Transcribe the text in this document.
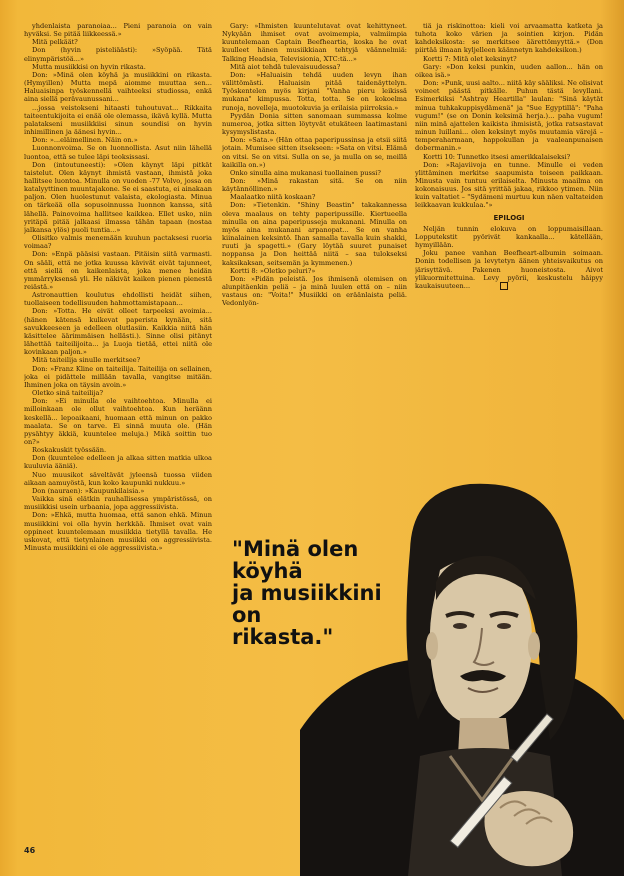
yhdenlaista paranoiaa... Pieni paranoia on vain hyväksi. Se pitää liikkeessä.»

Mitä pelkäät?

Don (hyvin pisteliäästi): »Syöpää. Tätä elinympäristöä...»

Mutta musiikkisi on hyvin rikasta.

Don: »Minä olen köyhä ja musiikkini on rikasta. (Hymyillen) Mutta mepä aiomme muuttaa sen... Haluaisinpa työskennellä vaihteeksi studiossa, enkä aina siellä perävaunussani...

...jossa veistokseni hitaasti tuhoutuvat... Rikkaita taiteentukijoita ei enää ole olemassa, ikävä kyllä. Mutta palatakseni musiikkiisi sinun soundisi on hyvin inhimillinen ja äänesi hyvin...

Don: »...eläimellinen. Näin on.»

Luonnonvoima. Se on luonnollista. Asut niin lähellä luontoa, että se tulee läpi teoksissasi.

Don (intoutuneesti): »Olen käynyt läpi pitkät taistelut. Olen käynyt ihmistä vastaan, ihmistä joka hallitsee luontoa. Minulla on vuoden -77 Volvo, jossa on katalyyttinen muuntajakone. Se ei saastuta, ei ainakaan paljon. Olen huolestunut valaista, ekologiasta. Minua on tärkeää olla sopusoinnussa luonnon kanssa, sitä lähellä. Painovoima hallitsee kaikkea. Ellet usko, niin yritäpä pitää jalkaasi ilmassa tähän tapaan (nostaa jalkansa ylös) puoli tuntia...»

Olisitko valmis menemään kuuhun pactaksesi ruoria voimaa?

Don: »Enpä pääsisi vastaan. Pitäisin siitä varmasti. On sääli, että ne jotka kuussa kävivät eivät tajunneet, että siellä on kaikenlaista, joka menee heidän ymmärryksensä yli. He näkivät kaiken pienen pienestä reiästä.»

Astronauttien koulutus ehdollisti heidät siihen, tuollaiseen todellisuuden hahmottamistapaan...

Don: »Totta. He eivät olleet tarpeeksi avoimia... (hänen kätensä kulkevat paperista kynään, sitä savukkeeseen ja edelleen olutlasiin. Kaikkia niitä hän käsittelee äärimmäisen hellästi.). Sinne olisi pitänyt lähettää taiteilijoita... ja Luoja tietää, ettei niitä ole kovinkaan paljon.»

Mitä taiteilija sinulle merkitsee?

Don: »Franz Kline on taiteilija. Taiteilija on sellainen, joka ei pidättele millään tavalla, vangitse mitään. Ihminen joka on täysin avoin.»

Oletko sinä taiteilija?

Don: »Ei minulla ole vaihtoehtoa. Minulla ei milloinkaan ole ollut vaihtoehtoa. Kun heräänn keskellä... lepoaikaani, huomaan että minun on pakko maalata. Se on tarve. Ei sinnä muuta ole. (Hän pysähtyy äkkiä, kuuntelee meluja.) Mikä soittin tuo on?»

Roskakuskit työssään.

Don (kuuntelee edelleen ja alkaa sitten matkia ulkoa kuuluvia ääniä).

Nuo muusikot säveltävät jyleensä tuossa viiden aikaan aamuyöstä, kun koko kaupunki nukkuu.»

Don (nauraen): »Kaupunkilaisia.»

Vaikka sinä elätkin rauhallisessa ympäristössä, on musiikkisi usein urbaania, jopa aggressiivista.

Don: »Ehkä, mutta huomaa, että sanon ehkä. Minun musiikkini voi olla hyvin herkkää. Ihmiset ovat vain oppineet kuuntelemaan musiikkia tietyllä tavalla. He uskovat, että tietynlainen musiikki on aggressiivista. Minusta musiikkini ei ole aggressiivista.»

Gary: »Ihmisten kuuntelutavat ovat kehittyneet. Nykyään ihmiset ovat avoimempia, valmiimpia kuuntelemaan Captain Beefheartia, koska he ovat kuulleet hänen musiikkiaan tehtyjä väännelmiä: Talking Headsia, Televisionia, XTC:tä...»

Mitä aiot tehdä tulevaisuudessa?

Don: »Haluaisin tehdä uuden levyn ihan välittömästi. Haluaisin pitää taidenäyttelyn. Työskentelen myös kirjani "Vanha pieru leikissä mukana" kimpussa. Totta, totta. Se on kokoelma runoja, novelleja, muotokuvia ja erilaisia piirroksia.»

Pyydän Donia sitten sanomaan summassa kolme numeroa, jotka sitten löytyvät etukäteen laatimastani kysymyslistasta.

Don: »Sata.» (Hän ottaa paperipussinsa ja etsii siitä jotain. Mumisee sitten itsekseen: »Sata on vitsi. Elämä on vitsi. Se on vitsi. Sulla on se, ja mulla on se, meillä kaikilla on.»)

Onko sinulla aina mukanasi tuollainen pussi?

Don: »Minä rakastan sitä. Se on niin käytännöllinen.»

Maalaatko niitä koskaan?

Don: »Tietenkin. "Shiny Beastin" takakannessa oleva maalaus on tehty paperipussille. Kiertueella minulla on aina paperipusseja mukanani. Minulla on myös aina mukanani arpanopat... Se on vanha kiinalainen keksintö. Ihan samalla tavalla kuin shakki, ruuti ja spagetti.» (Gary löytää suuret punaiset noppansa ja Don heittää niitä – saa tulokseksi kaksikaksan, seitsemän ja kymmenen.)

Kortti 8: »Oletko peluri?»

Don: »Pidän peleistä. Jos ihmisenä olemisen on alunpitäenkin peliä – ja minä luulen että on – niin vastaus on: "Voita!" Musiikki on eräänlaista peliä. Vedonlyön-

tiä ja riskinottoa: kieli voi arvaamatta katketa ja tuhota koko värien ja sointien kirjon. Pidän kahdeksikosta: se merkitsee äärettömyyttä.» (Don piirtää ilmaan kyljelleen käännetyn kahdeksikon.)

Kortti 7: Mitä olet keksinyt?

Gary: »Don keksi punkin, uuden aallon... hän on oikea isä.»

Don: »Punk, uusi aalto... niitä käy sääliksi. Ne olisivat voineet päästä pitkälle. Puhun tästä levyllani. Esimerkiksi "Ashtray Heartilla" laulan: "Sinä käytät minua tuhkakuppisydämenä" ja "Sue Egyptillä": "Paha vugum!" (se on Donin keksimä herja.)... paha vugum! niin minä ajattelen kaikista ihmisistä, jotka ratsastavat minun luillani... olen keksinyt myös muutamia värejä – temperaharmaan, happokullan ja vaaleanpunaisen dobermanin.»

Kortti 10: Tunnetko itsesi amerikkalaiseksi?

Don: »Rajaviivoja en tunne. Minulle ei veden ylittäminen merkitse saapumista toiseen paikkaan. Minusta vain tuntuu erilaiselta. Minusta maailma on kokonaisuus. Jos sitä yrittää jakaa, rikkoo ytimen. Niin kuin valtatiet – "Sydämeni murtuu kun näen valtateiden leikkaavan kukkulaa."»

EPILOGI

Neljän tunnin elokuva on loppumaisillaan. Lopputekstit pyörivät kankaalla... kätellään, hymyillään.

Joku panee vanhan Beefheart-albumin soimaan. Donin todellisen ja levytetyn äänen yhteisvaikutus on järisyttävä. Pakenen huoneistosta. Aivot ylikuormitettuina. Levy pyörii, keskustelu häipyy kaukaisuuteen...

"Minä olen
köyhä
ja musiikkini
on
rikasta."
46
